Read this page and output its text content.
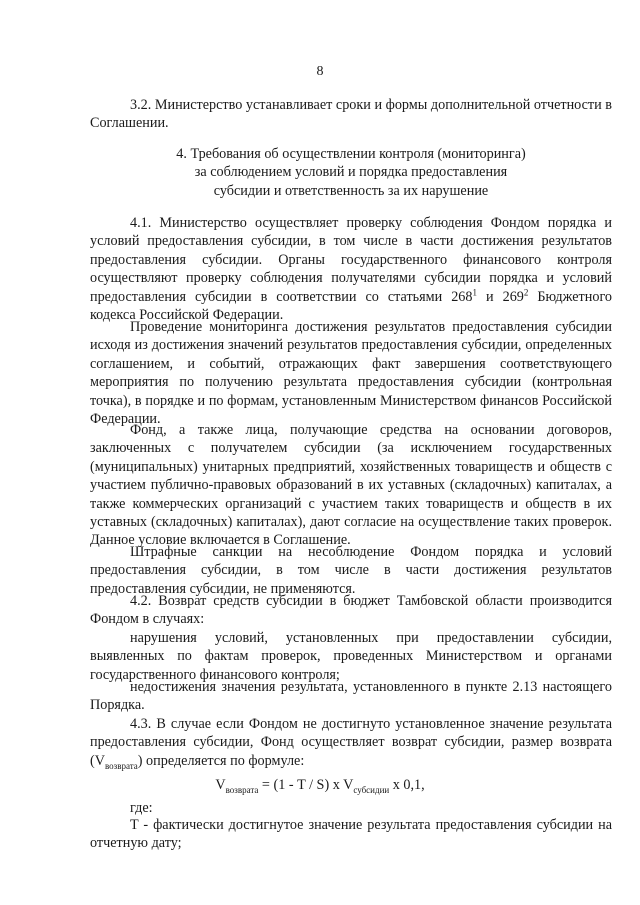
8

3.2. Министерство устанавливает сроки и формы дополнительной отчетности в Соглашении.

4. Требования об осуществлении контроля (мониторинга)
за соблюдением условий и порядка предоставления
субсидии и ответственность за их нарушение

4.1. Министерство осуществляет проверку соблюдения Фондом порядка и условий предоставления субсидии, в том числе в части достижения результатов предоставления субсидии. Органы государственного финансового контроля осуществляют проверку соблюдения получателями субсидии порядка и условий предоставления субсидии в соответствии со статьями $268^1$ и $269^2$ Бюджетного кодекса Российской Федерации.

Проведение мониторинга достижения результатов предоставления субсидии исходя из достижения значений результатов предоставления субсидии, определенных соглашением, и событий, отражающих факт завершения соответствующего мероприятия по получению результата предоставления субсидии (контрольная точка), в порядке и по формам, установленным Министерством финансов Российской Федерации.

Фонд, а также лица, получающие средства на основании договоров, заключенных с получателем субсидии (за исключением государственных (муниципальных) унитарных предприятий, хозяйственных товариществ и обществ с участием публично-правовых образований в их уставных (складочных) капиталах, а также коммерческих организаций с участием таких товариществ и обществ в их уставных (складочных) капиталах), дают согласие на осуществление таких проверок. Данное условие включается в Соглашение.

Штрафные санкции на несоблюдение Фондом порядка и условий предоставления субсидии, в том числе в части достижения результатов предоставления субсидии, не применяются.

4.2. Возврат средств субсидии в бюджет Тамбовской области производится Фондом в случаях:

нарушения условий, установленных при предоставлении субсидии, выявленных по фактам проверок, проведенных Министерством и органами государственного финансового контроля;

недостижения значения результата, установленного в пункте 2.13 настоящего Порядка.

4.3. В случае если Фондом не достигнуто установленное значение результата предоставления субсидии, Фонд осуществляет возврат субсидии, размер возврата $(V_{возврата})$ определяется по формуле:

$V_{возврата} = (1 - T / S)$ x $V_{субсидии}$ x 0,1,

где:

T - фактически достигнутое значение результата предоставления субсидии на отчетную дату;
